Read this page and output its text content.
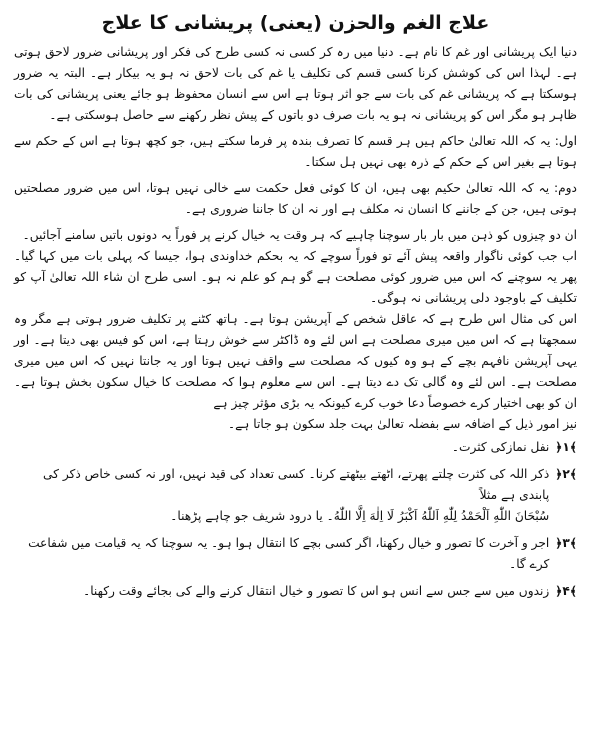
علاج الغم والحزن (یعنی) پریشانی کا علاج

دنیا ایک پریشانی اور غم کا نام ہے۔ دنیا میں رہ کر کسی نہ کسی طرح کی فکر اور پریشانی ضرور لاحق ہوتی ہے۔ لہذا اس کی کوشش کرنا کسی قسم کی تکلیف یا غم کی بات لاحق نہ ہو یہ بیکار ہے۔ البتہ یہ ضرور ہوسکتا ہے کہ پریشانی غم کی بات سے جو اثر ہوتا ہے اس سے انسان محفوظ ہو جائے یعنی پریشانی کی بات ظاہر ہو مگر اس کو پریشانی نہ ہو یہ بات صرف دو باتوں کے پیش نظر رکھنے سے حاصل ہوسکتی ہے۔

اول: یہ کہ اللہ تعالیٰ حاکم ہیں ہر قسم کا تصرف بندہ پر فرما سکتے ہیں، جو کچھ ہوتا ہے اس کے حکم سے ہوتا ہے بغیر اس کے حکم کے ذرہ بھی نہیں ہل سکتا۔

دوم: یہ کہ اللہ تعالیٰ حکیم بھی ہیں، ان کا کوئی فعل حکمت سے خالی نہیں ہوتا، اس میں ضرور مصلحتیں ہوتی ہیں، جن کے جاننے کا انسان نہ مکلف ہے اور نہ ان کا جاننا ضروری ہے۔

ان دو چیزوں کو ذہن میں بار بار سوچنا چاہیے کہ ہر وقت یہ خیال کرنے پر فوراً یہ دونوں باتیں سامنے آجائیں۔

اب جب کوئی ناگوار واقعہ پیش آئے تو فوراً سوچے کہ یہ بحکم خداوندی ہوا، جیسا کہ پہلی بات میں کہا گیا۔ پھر یہ سوچنے کہ اس میں ضرور کوئی مصلحت ہے گو ہم کو علم نہ ہو۔ اسی طرح ان شاء اللہ تعالیٰ آپ کو تکلیف کے باوجود دلی پریشانی نہ ہوگی۔

اس کی مثال اس طرح ہے کہ عاقل شخص کے آپریشن ہوتا ہے۔ ہاتھ کٹنے پر تکلیف ضرور ہوتی ہے مگر وہ سمجھتا ہے کہ اس میں میری مصلحت ہے اس لئے وہ ڈاکٹر سے خوش رہتا ہے، اس کو فیس بھی دیتا ہے۔ اور یہی آپریشن نافہم بچے کے ہو وہ کیوں کہ مصلحت سے واقف نہیں ہوتا اور یہ جانتا نہیں کہ اس میں میری مصلحت ہے۔ اس لئے وہ گالی تک دے دیتا ہے۔ اس سے معلوم ہوا کہ مصلحت کا خیال سکون بخش ہوتا ہے۔ ان کو بھی اختیار کرے خصوصاً دعا خوب کرے کیونکہ یہ بڑی مؤثر چیز ہے

نیز امور ذیل کے اضافہ سے بفضلہ تعالیٰ بہت جلد سکون ہو جاتا ہے۔

﴿۱﴾
نفل نمازکی کثرت۔
﴿۲﴾
ذکر اللہ کی کثرت چلتے پھرتے، اٹھتے بیٹھتے کرنا۔ کسی تعداد کی قید نہیں، اور نہ کسی خاص ذکر کی پابندی ہے مثلاً
سُبْحَانَ اللّٰهِ اَلْحَمْدُ لِلّٰهِ اَللّٰهُ اَكْبَرُ لَا اِلٰهَ اِلَّا اللّٰهُ۔ یا درود شریف جو چاہے پڑھنا۔
﴿۳﴾
اجر و آخرت کا تصور و خیال رکھنا، اگر کسی بچے کا انتقال ہوا ہو۔ یہ سوچنا کہ یہ قیامت میں شفاعت کرے گا۔
﴿۴﴾
زندوں میں سے جس سے انس ہو اس کا تصور و خیال انتقال کرنے والے کی بجائے وقت رکھنا۔
